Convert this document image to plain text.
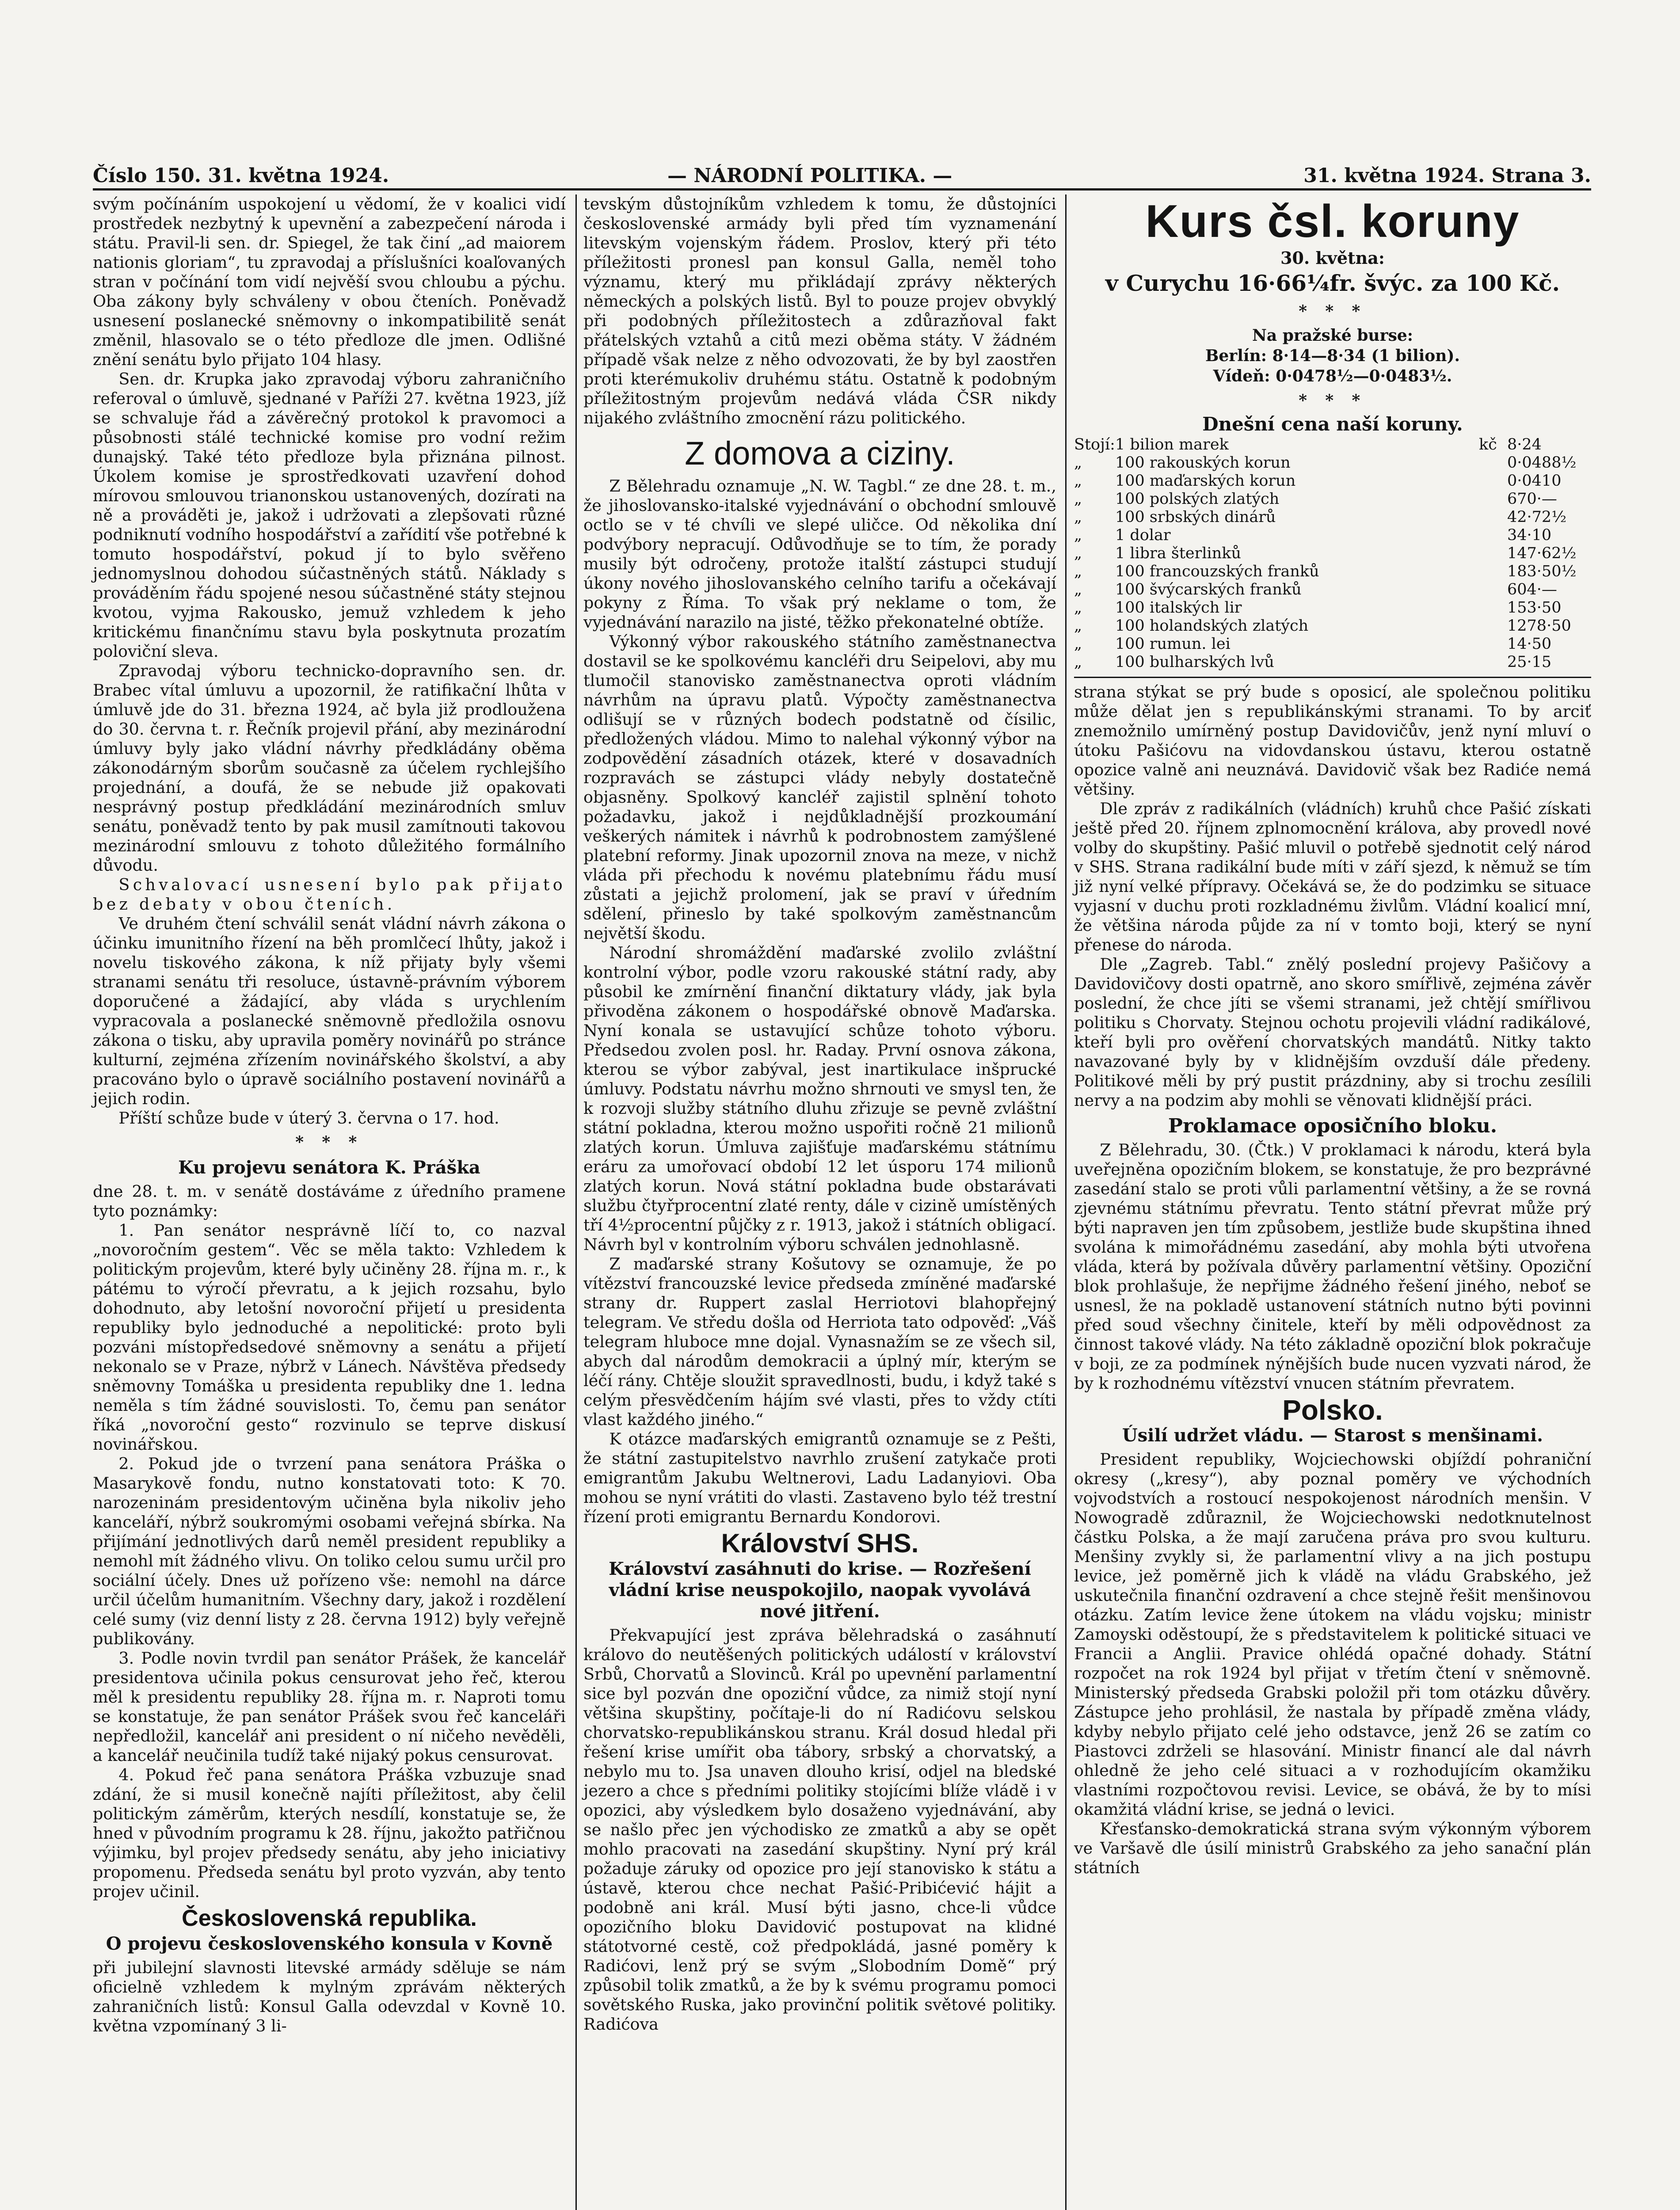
Číslo 150. 31. května 1924.	— NÁRODNÍ POLITIKA. —	31. května 1924. Strana 3.

svým počínáním uspokojení u vědomí, že v koalici vidí prostředek nezbytný k upevnění a zabezpečení národa i státu. Pravil-li sen. dr. Spiegel, že tak činí „ad maiorem nationis gloriam“, tu zpravodaj a příslušníci koaľovaných stran v počínání tom vidí nejvěší svou chloubu a pýchu. Oba zákony byly schváleny v obou čteních. Poněvadž usnesení poslanecké sněmovny o inkompatibilitě senát změnil, hlasovalo se o této předloze dle jmen. Odlišné znění senátu bylo přijato 104 hlasy.

Sen. dr. Krupka jako zpravodaj výboru zahraničního referoval o úmluvě, sjednané v Paříži 27. května 1923, jíž se schvaluje řád a závěrečný protokol k pravomoci a působnosti stálé technické komise pro vodní režim dunajský. Také této předloze byla přiznána pilnost. Úkolem komise je sprostředkovati uzavření dohod mírovou smlouvou trianonskou ustanovených, dozírati na ně a prováděti je, jakož i udržovati a zlepšovati různé podniknutí vodního hospodářství a zařídití vše potřebné k tomuto hospodářství, pokud jí to bylo svěřeno jednomyslnou dohodou súčastněných států. Náklady s prováděním řádu spojené nesou súčastněné státy stejnou kvotou, vyjma Rakousko, jemuž vzhledem k jeho kritickému finančnímu stavu byla poskytnuta prozatím poloviční sleva.

Zpravodaj výboru technicko-dopravního sen. dr. Brabec vítal úmluvu a upozornil, že ratifikační lhůta v úmluvě jde do 31. března 1924, ač byla již prodloužena do 30. června t. r. Řečník projevil přání, aby mezinárodní úmluvy byly jako vládní návrhy předkládány oběma zákonodárným sborům současně za účelem rychlejšího projednání, a doufá, že se nebude již opakovati nesprávný postup předkládání mezinárodních smluv senátu, poněvadž tento by pak musil zamítnouti takovou mezinárodní smlouvu z tohoto důležitého formálního důvodu.

Schvalovací usnesení bylo pak přijato bez debaty v obou čteních.

Ve druhém čtení schválil senát vládní návrh zákona o účinku imunitního řízení na běh promlčecí lhůty, jakož i novelu tiskového zákona, k níž přijaty byly všemi stranami senátu tři resoluce, ústavně-právním výborem doporučené a žádající, aby vláda s urychlením vypracovala a poslanecké sněmovně předložila osnovu zákona o tisku, aby upravila poměry novinářů po stránce kulturní, zejména zřízením novinářského školství, a aby pracováno bylo o úpravě sociálního postavení novinářů a jejich rodin.

Příští schůze bude v úterý 3. června o 17. hod.

* * *
Ku projevu senátora K. Práška

dne 28. t. m. v senátě dostáváme z úředního pramene tyto poznámky:

1. Pan senátor nesprávně líčí to, co nazval „novoročním gestem“. Věc se měla takto: Vzhledem k politickým projevům, které byly učiněny 28. října m. r., k pátému to výročí převratu, a k jejich rozsahu, bylo dohodnuto, aby letošní novoroční přijetí u presidenta republiky bylo jednoduché a nepolitické: proto byli pozváni místopředsedové sněmovny a senátu a přijetí nekonalo se v Praze, nýbrž v Lánech. Návštěva předsedy sněmovny Tomáška u presidenta republiky dne 1. ledna neměla s tím žádné souvislosti. To, čemu pan senátor říká „novoroční gesto“ rozvinulo se teprve diskusí novinářskou.

2. Pokud jde o tvrzení pana senátora Práška o Masarykově fondu, nutno konstatovati toto: K 70. narozeninám presidentovým učiněna byla nikoliv jeho kanceláří, nýbrž soukromými osobami veřejná sbírka. Na přijímání jednotlivých darů neměl president republiky a nemohl mít žádného vlivu. On toliko celou sumu určil pro sociální účely. Dnes už pořízeno vše: nemohl na dárce určil účelům humanitním. Všechny dary, jakož i rozdělení celé sumy (viz denní listy z 28. června 1912) byly veřejně publikovány.

3. Podle novin tvrdil pan senátor Prášek, že kancelář presidentova učinila pokus censurovat jeho řeč, kterou měl k presidentu republiky 28. října m. r. Naproti tomu se konstatuje, že pan senátor Prášek svou řeč kanceláři nepředložil, kancelář ani president o ní ničeho nevěděli, a kancelář neučinila tudíž také nijaký pokus censurovat.

4. Pokud řeč pana senátora Práška vzbuzuje snad zdání, že si musil konečně najíti příležitost, aby čelil politickým záměrům, kterých nesdílí, konstatuje se, že hned v původním programu k 28. říjnu, jakožto patřičnou výjimku, byl projev předsedy senátu, aby jeho iniciativy propomenu. Předseda senátu byl proto vyzván, aby tento projev učinil.

Československá republika.
O projevu československého konsula v Kovně

při jubilejní slavnosti litevské armády sděluje se nám oficielně vzhledem k mylným zprávám některých zahraničních listů: Konsul Galla odevzdal v Kovně 10. května vzpomínaný 3 li-

tevským důstojníkům vzhledem k tomu, že důstojníci československé armády byli před tím vyznamenání litevským vojenským řádem. Proslov, který při této příležitosti pronesl pan konsul Galla, neměl toho významu, který mu přikládají zprávy některých německých a polských listů. Byl to pouze projev obvyklý při podobných příležitostech a zdůrazňoval fakt přátelských vztahů a citů mezi oběma státy. V žádném případě však nelze z něho odvozovati, že by byl zaostřen proti kterémukoliv druhému státu. Ostatně k podobným příležitostným projevům nedává vláda ČSR nikdy nijakého zvláštního zmocnění rázu politického.

Z domova a ciziny.

Z Bělehradu oznamuje „N. W. Tagbl.“ ze dne 28. t. m., že jihoslovansko-italské vyjednávání o obchodní smlouvě octlo se v té chvíli ve slepé uličce. Od několika dní podvýbory nepracují. Odůvodňuje se to tím, že porady musily být odročeny, protože italští zástupci studují úkony nového jihoslovanského celního tarifu a očekávají pokyny z Říma. To však prý neklame o tom, že vyjednávání narazilo na jisté, těžko překonatelné obtíže.

Výkonný výbor rakouského státního zaměstnanectva dostavil se ke spolkovému kancléři dru Seipelovi, aby mu tlumočil stanovisko zaměstnanectva oproti vládním návrhům na úpravu platů. Výpočty zaměstnanectva odlišují se v různých bodech podstatně od čísilic, předložených vládou. Mimo to nalehal výkonný výbor na zodpovědění zásadních otázek, které v dosavadních rozpravách se zástupci vlády nebyly dostatečně objasněny. Spolkový kancléř zajistil splnění tohoto požadavku, jakož i nejdůkladnější prozkoumání veškerých námitek i návrhů k podrobnostem zamýšlené platební reformy. Jinak upozornil znova na meze, v nichž vláda při přechodu k novému platebnímu řádu musí zůstati a jejichž prolomení, jak se praví v úředním sdělení, přineslo by také spolkovým zaměstnancům největší škodu.

Národní shromáždění maďarské zvolilo zvláštní kontrolní výbor, podle vzoru rakouské státní rady, aby působil ke zmírnění finanční diktatury vlády, jak byla přivoděna zákonem o hospodářské obnově Maďarska. Nyní konala se ustavující schůze tohoto výboru. Předsedou zvolen posl. hr. Raday. První osnova zákona, kterou se výbor zabýval, jest inartikulace inšprucké úmluvy. Podstatu návrhu možno shrnouti ve smysl ten, že k rozvoji služby státního dluhu zřizuje se pevně zvláštní státní pokladna, kterou možno uspořiti ročně 21 milionů zlatých korun. Úmluva zajišťuje maďarskému státnímu eráru za umořovací období 12 let úsporu 174 milionů zlatých korun. Nová státní pokladna bude obstarávati službu čtyřprocentní zlaté renty, dále v cizině umístěných tří 4½procentní půjčky z r. 1913, jakož i státních obligací. Návrh byl v kontrolním výboru schválen jednohlasně.

Z maďarské strany Košutovy se oznamuje, že po vítězství francouzské levice předseda zmíněné maďarské strany dr. Ruppert zaslal Herriotovi blahopřejný telegram. Ve středu došla od Herriota tato odpověď: „Váš telegram hluboce mne dojal. Vynasnažím se ze všech sil, abych dal národům demokracii a úplný mír, kterým se léčí rány. Chtěje sloužit spravedlnosti, budu, i když také s celým přesvědčením hájím své vlasti, přes to vždy ctíti vlast každého jiného.“

K otázce maďarských emigrantů oznamuje se z Pešti, že státní zastupitelstvo navrhlo zrušení zatykače proti emigrantům Jakubu Weltnerovi, Ladu Ladanyiovi. Oba mohou se nyní vrátiti do vlasti. Zastaveno bylo též trestní řízení proti emigrantu Bernardu Kondorovi.

Království SHS.
Království zasáhnuti do krise. — Rozřešení vládní krise neuspokojilo, naopak vyvolává nové jitření.

Překvapující jest zpráva bělehradská o zasáhnutí královo do neutěšených politických událostí v království Srbů, Chorvatů a Slovinců. Král po upevnění parlamentní sice byl pozván dne opoziční vůdce, za nimiž stojí nyní většina skupštiny, počítaje-li do ní Radićovu selskou chorvatsko-republikánskou stranu. Král dosud hledal při řešení krise umířit oba tábory, srbský a chorvatský, a nebylo mu to. Jsa unaven dlouho krisí, odjel na bledské jezero a chce s předními politiky stojícími blíže vládě i v opozici, aby výsledkem bylo dosaženo vyjednávání, aby se našlo přec jen východisko ze zmatků a aby se opět mohlo pracovati na zasedání skupštiny. Nyní prý král požaduje záruky od opozice pro její stanovisko k státu a ústavě, kterou chce nechat Pašić-Pribićević hájit a podobně ani král. Musí býti jasno, chce-li vůdce opozičního bloku Davidović postupovat na klidné státotvorné cestě, což předpokládá, jasné poměry k Radićovi, lenž prý se svým „Slobodním Domě“ prý způsobil tolik zmatků, a že by k svému programu pomoci sovětského Ruska, jako provinční politik světové politiky. Radićova

Kurs čsl. koruny
30. května:
v Curychu 16·66¼fr. švýc. za 100 Kč.
* * *
Na pražské burse:
Berlín: 8·14—8·34 (1 bilion).
Vídeň: 0·0478½—0·0483½.
* * *
Dnešní cena naší koruny.
Stojí:	1 bilion marek	kč	8·24
„	100 rakouských korun		0·0488½
„	100 maďarských korun		0·0410
„	100 polských zlatých		670·—
„	100 srbských dinárů		42·72½
„	1 dolar		34·10
„	1 libra šterlinků		147·62½
„	100 francouzských franků		183·50½
„	100 švýcarských franků		604·—
„	100 italských lir		153·50
„	100 holandských zlatých		1278·50
„	100 rumun. lei		14·50
„	100 bulharských lvů		25·15

strana stýkat se prý bude s oposicí, ale společnou politiku může dělat jen s republikánskými stranami. To by arciť znemožnilo umírněný postup Davidovičův, jenž nyní mluví o útoku Pašićovu na vidovdanskou ústavu, kterou ostatně opozice valně ani neuznává. Davidovič však bez Radiće nemá většiny.

Dle zpráv z radikálních (vládních) kruhů chce Pašić získati ještě před 20. říjnem zplnomocnění králova, aby provedl nové volby do skupštiny. Pašić mluvil o potřebě sjednotit celý národ v SHS. Strana radikální bude míti v září sjezd, k němuž se tím již nyní velké přípravy. Očekává se, že do podzimku se situace vyjasní v duchu proti rozkladnému živlům. Vládní koalicí mní, že většina národa půjde za ní v tomto boji, který se nyní přenese do národa.

Dle „Zagreb. Tabl.“ znělý poslední projevy Pašičovy a Davidovičovy dosti opatrně, ano skoro smířlivě, zejména závěr poslední, že chce jíti se všemi stranami, jež chtějí smířlivou politiku s Chorvaty. Stejnou ochotu projevili vládní radikálové, kteří byli pro ověření chorvatských mandátů. Nitky takto navazované byly by v klidnějším ovzduší dále předeny. Politikové měli by prý pustit prázdniny, aby si trochu zesílili nervy a na podzim aby mohli se věnovati klidnější práci.

Proklamace oposičního bloku.

Z Bělehradu, 30. (Čtk.) V proklamaci k národu, která byla uveřejněna opozičním blokem, se konstatuje, že pro bezprávné zasedání stalo se proti vůli parlamentní většiny, a že se rovná zjevnému státnímu převratu. Tento státní převrat může prý býti napraven jen tím způsobem, jestliže bude skupština ihned svolána k mimořádnému zasedání, aby mohla býti utvořena vláda, která by požívala důvěry parlamentní většiny. Opoziční blok prohlašuje, že nepřijme žádného řešení jiného, neboť se usnesl, že na pokladě ustanovení státních nutno býti povinni před soud všechny činitele, kteří by měli odpovědnost za činnost takové vlády. Na této základně opoziční blok pokračuje v boji, ze za podmínek nýnějších bude nucen vyzvati národ, že by k rozhodnému vítězství vnucen státním převratem.

Polsko.
Úsilí udržet vládu. — Starost s menšinami.

President republiky, Wojciechowski objíždí pohraniční okresy („kresy“), aby poznal poměry ve východních vojvodstvích a rostoucí nespokojenost národních menšin. V Nowogradě zdůraznil, že Wojciechowski nedotknutelnost částku Polska, a že mají zaručena práva pro svou kulturu. Menšiny zvykly si, že parlamentní vlivy a na jich postupu levice, jež poměrně jich k vládě na vládu Grabského, jež uskutečnila finanční ozdravení a chce stejně řešit menšinovou otázku. Zatím levice žene útokem na vládu vojsku; ministr Zamoyski oděstoupí, že s představitelem k politické situaci ve Francii a Anglii. Pravice ohlédá opačné dohady. Státní rozpočet na rok 1924 byl přijat v třetím čtení v sněmovně. Ministerský předseda Grabski položil při tom otázku důvěry. Zástupce jeho prohlásil, že nastala by případě změna vlády, kdyby nebylo přijato celé jeho odstavce, jenž 26 se zatím co Piastovci zdrželi se hlasování. Ministr financí ale dal návrh ohledně že jeho celé situaci a v rozhodujícím okamžiku vlastními rozpočtovou revisi. Levice, se obává, že by to mísi okamžitá vládní krise, se jedná o levici.

Křesťansko-demokratická strana svým výkonným výborem ve Varšavě dle úsilí ministrů Grabského za jeho sanační plán státních
